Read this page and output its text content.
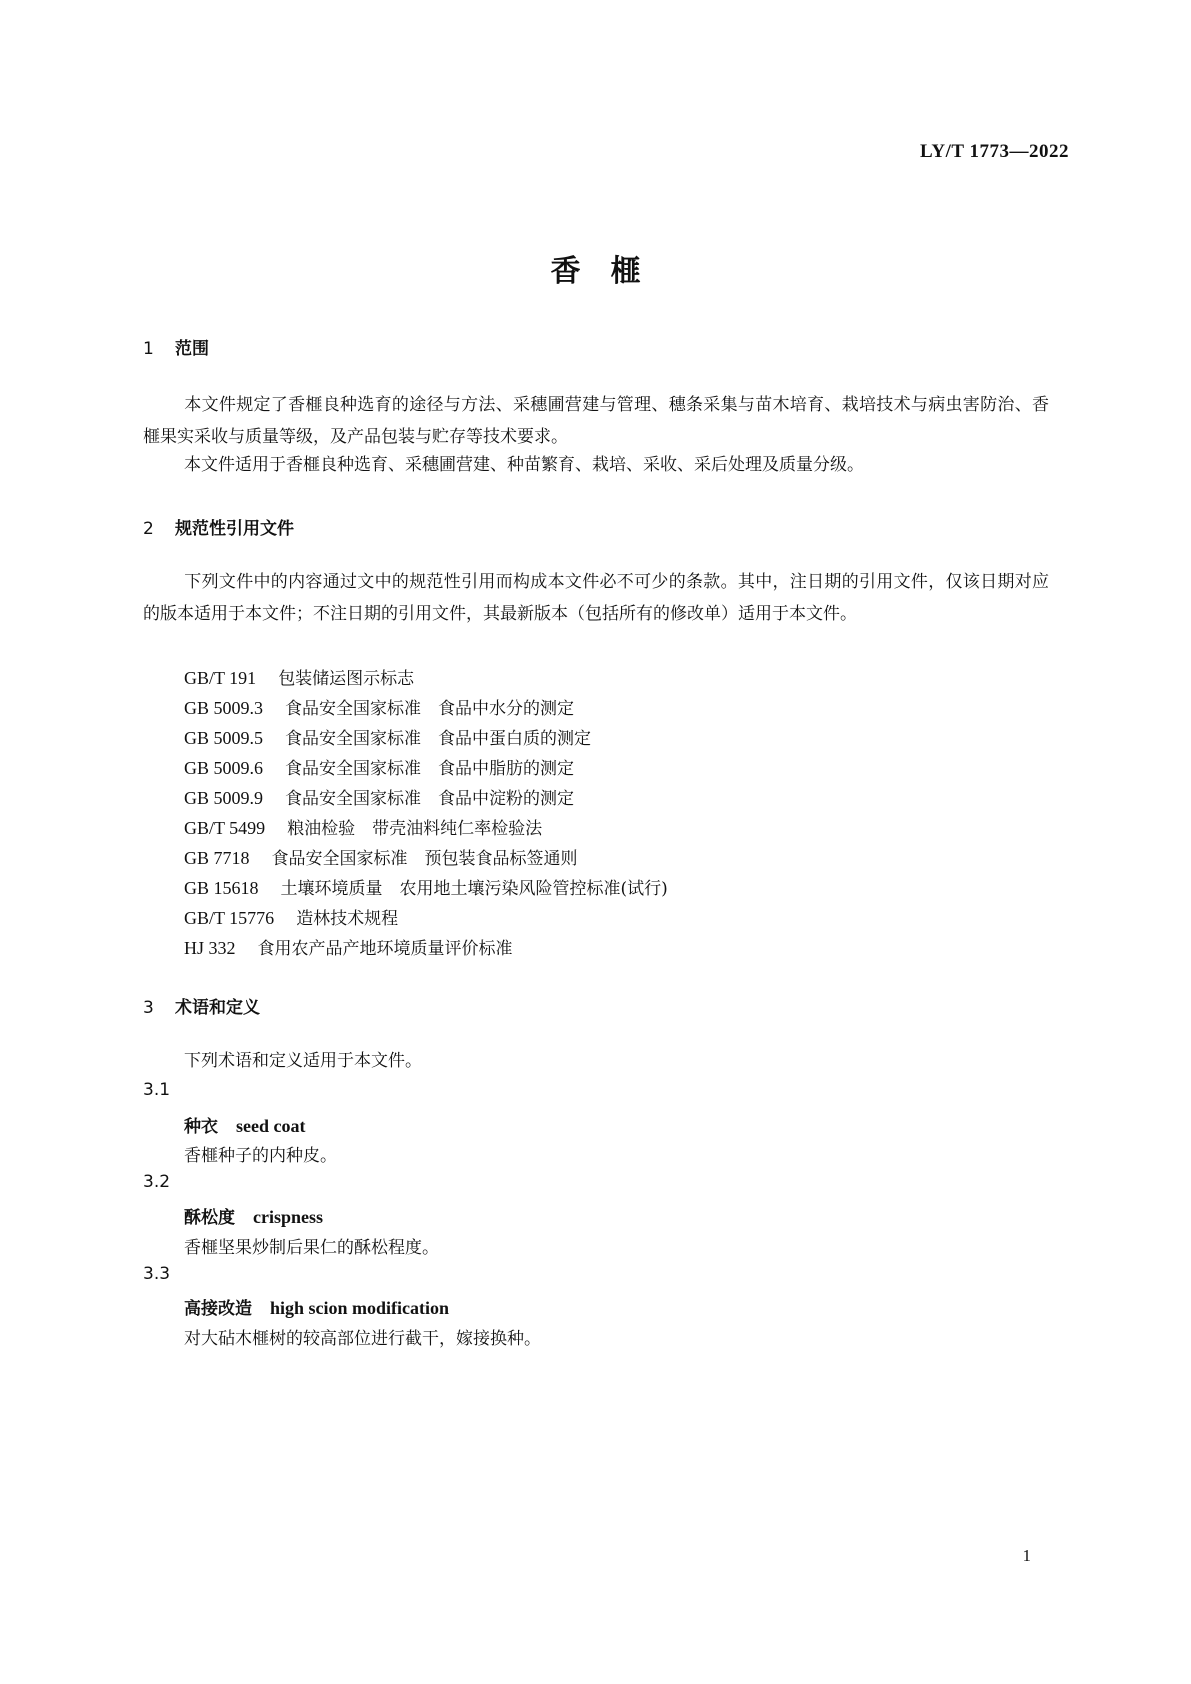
LY/T 1773—2022
香　榧
1 范围
本文件规定了香榧良种选育的途径与方法、采穗圃营建与管理、穗条采集与苗木培育、栽培技术与病虫害防治、香榧果实采收与质量等级，及产品包装与贮存等技术要求。
本文件适用于香榧良种选育、采穗圃营建、种苗繁育、栽培、采收、采后处理及质量分级。
2 规范性引用文件
下列文件中的内容通过文中的规范性引用而构成本文件必不可少的条款。其中，注日期的引用文件，仅该日期对应的版本适用于本文件；不注日期的引用文件，其最新版本（包括所有的修改单）适用于本文件。
GB/T 191 包装储运图示标志
GB 5009.3 食品安全国家标准　食品中水分的测定
GB 5009.5 食品安全国家标准　食品中蛋白质的测定
GB 5009.6 食品安全国家标准　食品中脂肪的测定
GB 5009.9 食品安全国家标准　食品中淀粉的测定
GB/T 5499 粮油检验　带壳油料纯仁率检验法
GB 7718 食品安全国家标准　预包装食品标签通则
GB 15618 土壤环境质量　农用地土壤污染风险管控标准(试行)
GB/T 15776 造林技术规程
HJ 332 食用农产品产地环境质量评价标准
3 术语和定义
下列术语和定义适用于本文件。
3.1
种衣 seed coat
香榧种子的内种皮。
3.2
酥松度 crispness
香榧坚果炒制后果仁的酥松程度。
3.3
高接改造 high scion modification
对大砧木榧树的较高部位进行截干，嫁接换种。
1
